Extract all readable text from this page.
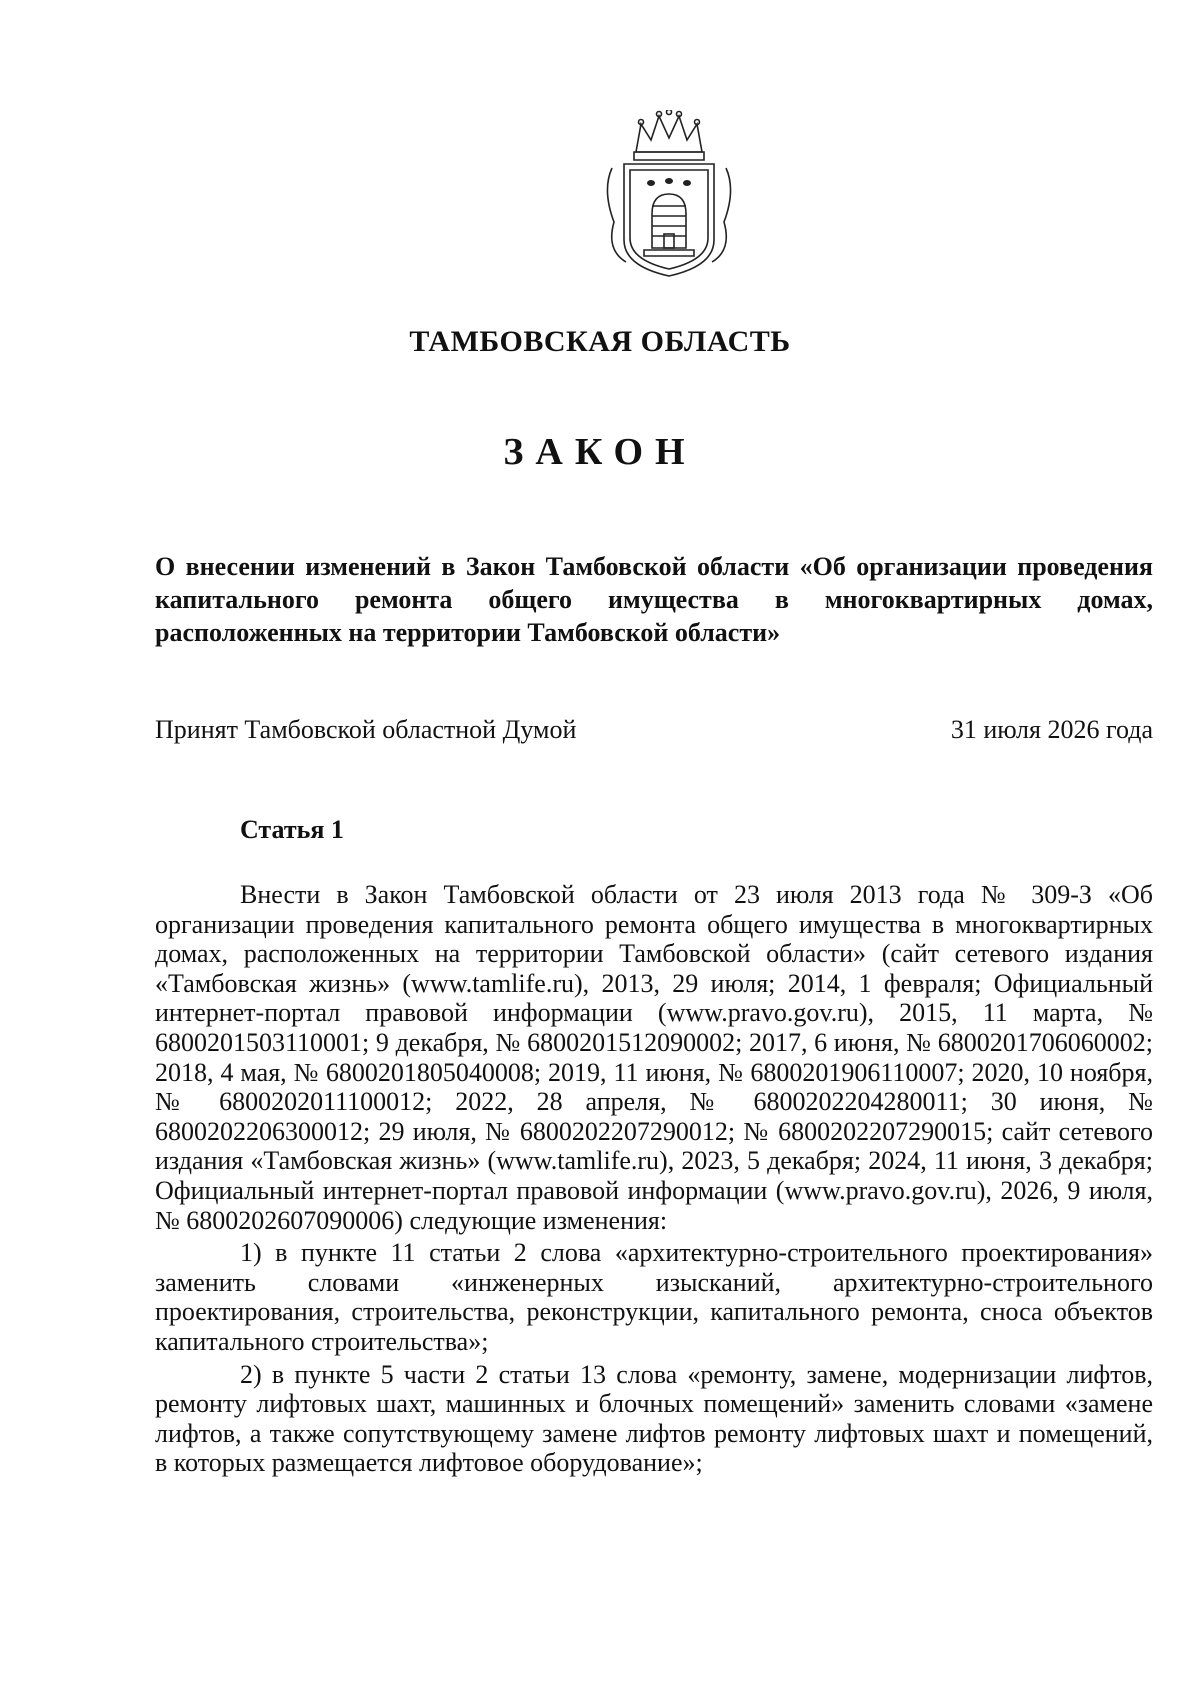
ТАМБОВСКАЯ ОБЛАСТЬ
ЗАКОН
О внесении изменений в Закон Тамбовской области «Об организации проведения капитального ремонта общего имущества в многоквартирных домах, расположенных на территории Тамбовской области»
Принят Тамбовской областной Думой	31 июля 2026 года
Статья 1

Внести в Закон Тамбовской области от 23 июля 2013 года № 309-З «Об организации проведения капитального ремонта общего имущества в многоквартирных домах, расположенных на территории Тамбовской области» (сайт сетевого издания «Тамбовская жизнь» (www.tamlife.ru), 2013, 29 июля; 2014, 1 февраля; Официальный интернет-портал правовой информации (www.pravo.gov.ru), 2015, 11 марта, № 6800201503110001; 9 декабря, № 6800201512090002; 2017, 6 июня, № 6800201706060002; 2018, 4 мая, № 6800201805040008; 2019, 11 июня, № 6800201906110007; 2020, 10 ноября, № 6800202011100012; 2022, 28 апреля, № 6800202204280011; 30 июня, № 6800202206300012; 29 июля, № 6800202207290012; № 6800202207290015; сайт сетевого издания «Тамбовская жизнь» (www.tamlife.ru), 2023, 5 декабря; 2024, 11 июня, 3 декабря; Официальный интернет-портал правовой информации (www.pravo.gov.ru), 2026, 9 июля, № 6800202607090006) следующие изменения:

1) в пункте 11 статьи 2 слова «архитектурно-строительного проектирования» заменить словами «инженерных изысканий, архитектурно-строительного проектирования, строительства, реконструкции, капитального ремонта, сноса объектов капитального строительства»;

2) в пункте 5 части 2 статьи 13 слова «ремонту, замене, модернизации лифтов, ремонту лифтовых шахт, машинных и блочных помещений» заменить словами «замене лифтов, а также сопутствующему замене лифтов ремонту лифтовых шахт и помещений, в которых размещается лифтовое оборудование»;
